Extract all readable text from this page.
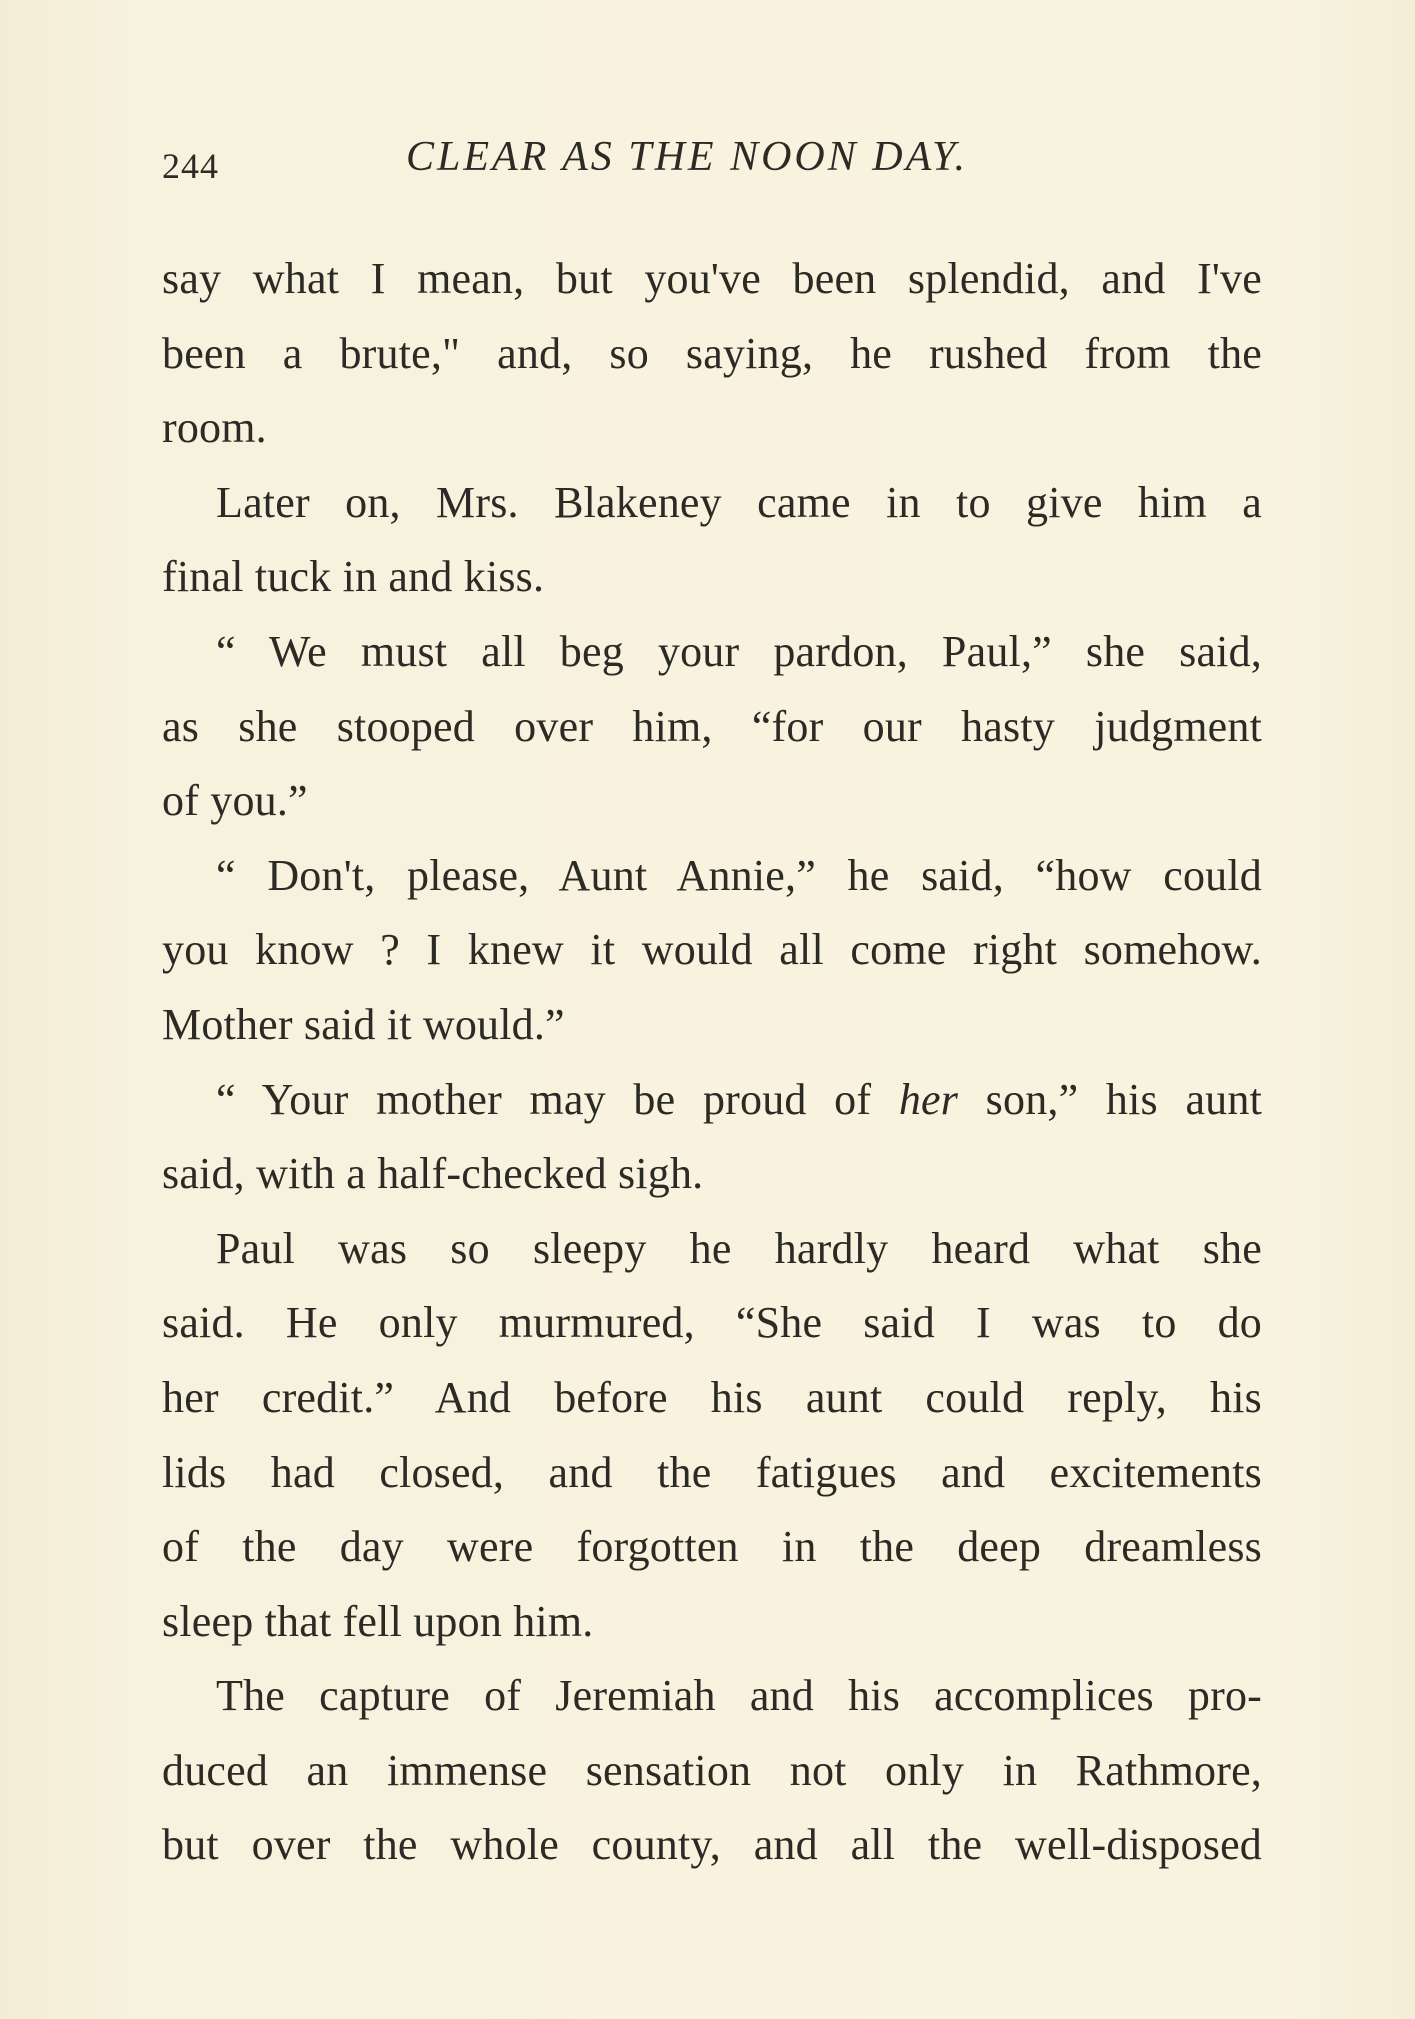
244	CLEAR AS THE NOON DAY.
say what I mean, but you've been splendid, and I've
been a brute," and, so saying, he rushed from the
room.
Later on, Mrs. Blakeney came in to give him a
final tuck in and kiss.
“ We must all beg your pardon, Paul,” she said,
as she stooped over him, “for our hasty judgment
of you.”
“ Don't, please, Aunt Annie,” he said, “how could
you know ? I knew it would all come right somehow.
Mother said it would.”
“ Your mother may be proud of her son,” his aunt
said, with a half-checked sigh.
Paul was so sleepy he hardly heard what she
said. He only murmured, “She said I was to do
her credit.” And before his aunt could reply, his
lids had closed, and the fatigues and excitements
of the day were forgotten in the deep dreamless
sleep that fell upon him.
The capture of Jeremiah and his accomplices pro-
duced an immense sensation not only in Rathmore,
but over the whole county, and all the well-disposed
